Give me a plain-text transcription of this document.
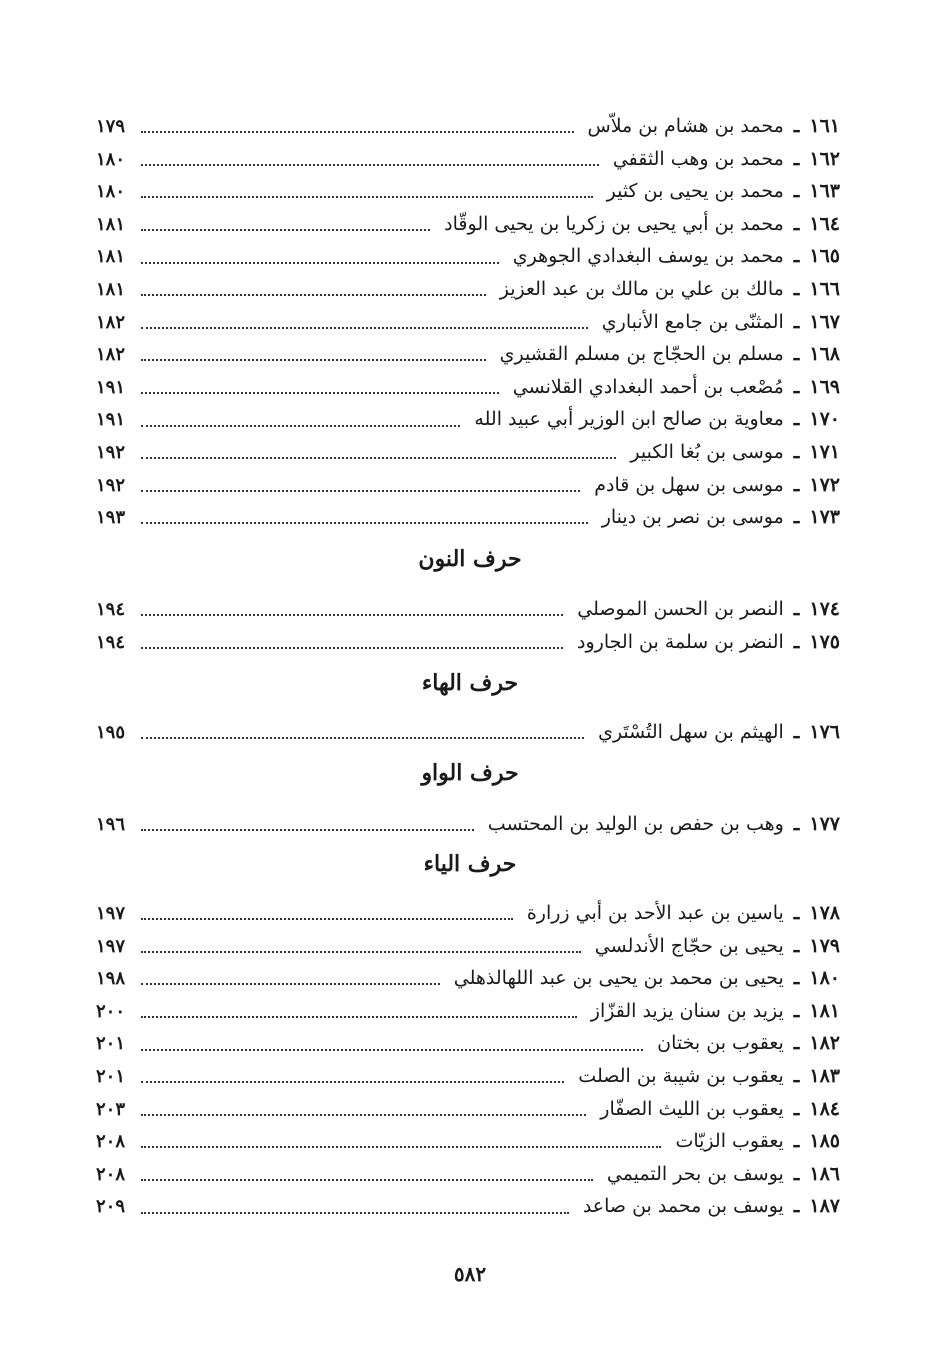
١٦١
ـ
محمد بن هشام بن ملاّس
١٧٩
١٦٢
ـ
محمد بن وهب الثقفي
١٨٠
١٦٣
ـ
محمد بن يحيى بن كثير
١٨٠
١٦٤
ـ
محمد بن أبي يحيى بن زكريا بن يحيى الوقّاد
١٨١
١٦٥
ـ
محمد بن يوسف البغدادي الجوهري
١٨١
١٦٦
ـ
مالك بن علي بن مالك بن عبد العزيز
١٨١
١٦٧
ـ
المثنّى بن جامع الأنباري
١٨٢
١٦٨
ـ
مسلم بن الحجّاج بن مسلم القشيري
١٨٢
١٦٩
ـ
مُصْعب بن أحمد البغدادي القلانسي
١٩١
١٧٠
ـ
معاوية بن صالح ابن الوزير أبي عبيد الله
١٩١
١٧١
ـ
موسى بن بُغا الكبير
١٩٢
١٧٢
ـ
موسى بن سهل بن قادم
١٩٢
١٧٣
ـ
موسى بن نصر بن دينار
١٩٣
حرف النون
١٧٤
ـ
النصر بن الحسن الموصلي
١٩٤
١٧٥
ـ
النضر بن سلمة بن الجارود
١٩٤
حرف الهاء
١٧٦
ـ
الهيثم بن سهل التُسْتَري
١٩٥
حرف الواو
١٧٧
ـ
وهب بن حفص بن الوليد بن المحتسب
١٩٦
حرف الياء
١٧٨
ـ
ياسين بن عبد الأحد بن أبي زرارة
١٩٧
١٧٩
ـ
يحيى بن حجّاج الأندلسي
١٩٧
١٨٠
ـ
يحيى بن محمد بن يحيى بن عبد اللهالذهلي
١٩٨
١٨١
ـ
يزيد بن سنان يزيد القزّاز
٢٠٠
١٨٢
ـ
يعقوب بن بختان
٢٠١
١٨٣
ـ
يعقوب بن شيبة بن الصلت
٢٠١
١٨٤
ـ
يعقوب بن الليث الصفّار
٢٠٣
١٨٥
ـ
يعقوب الزيّات
٢٠٨
١٨٦
ـ
يوسف بن بحر التميمي
٢٠٨
١٨٧
ـ
يوسف بن محمد بن صاعد
٢٠٩
٥٨٢
